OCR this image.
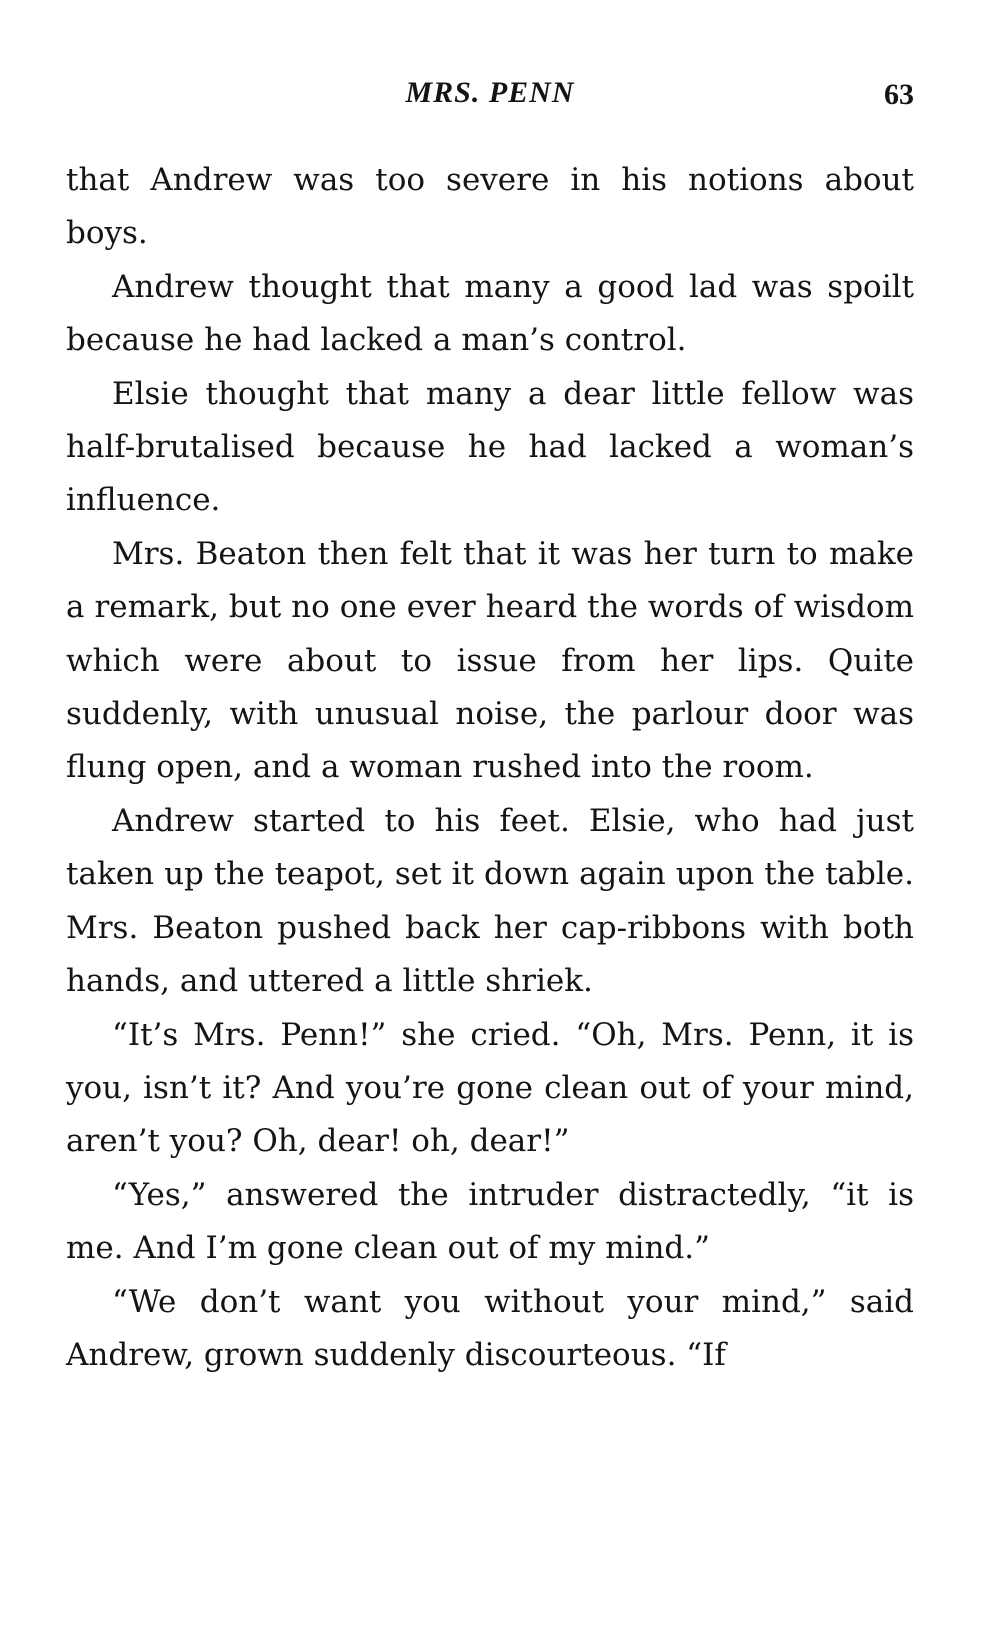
MRS. PENN	63

that Andrew was too severe in his notions about boys.

Andrew thought that many a good lad was spoilt because he had lacked a man’s control.

Elsie thought that many a dear little fellow was half-brutalised because he had lacked a woman’s influence.

Mrs. Beaton then felt that it was her turn to make a remark, but no one ever heard the words of wisdom which were about to issue from her lips. Quite suddenly, with unusual noise, the parlour door was flung open, and a woman rushed into the room.

Andrew started to his feet. Elsie, who had just taken up the teapot, set it down again upon the table. Mrs. Beaton pushed back her cap-ribbons with both hands, and uttered a little shriek.

“It’s Mrs. Penn!” she cried. “Oh, Mrs. Penn, it is you, isn’t it? And you’re gone clean out of your mind, aren’t you? Oh, dear! oh, dear!”

“Yes,” answered the intruder distractedly, “it is me. And I’m gone clean out of my mind.”

“We don’t want you without your mind,” said Andrew, grown suddenly discourteous. “If
